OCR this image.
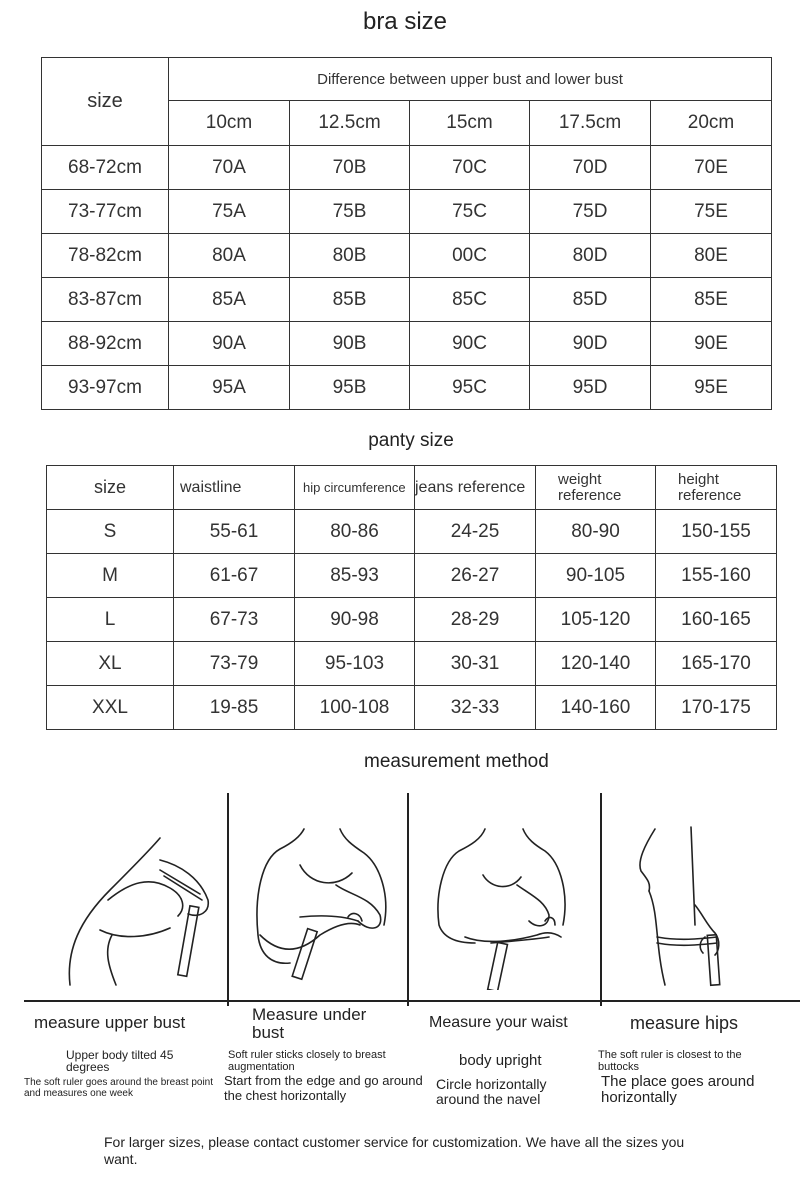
bra size
size	Difference between upper bust and lower bust				
	10cm	12.5cm	15cm	17.5cm	20cm
68-72cm	70A	70B	70C	70D	70E
73-77cm	75A	75B	75C	75D	75E
78-82cm	80A	80B	00C	80D	80E
83-87cm	85A	85B	85C	85D	85E
88-92cm	90A	90B	90C	90D	90E
93-97cm	95A	95B	95C	95D	95E
panty size
size	waistline	hip circumference	jeans reference	weight reference	height reference
S	55-61	80-86	24-25	80-90	150-155
M	61-67	85-93	26-27	90-105	155-160
L	67-73	90-98	28-29	105-120	160-165
XL	73-79	95-103	30-31	120-140	165-170
XXL	19-85	100-108	32-33	140-160	170-175
measurement method
measure upper bust	Measure under bust
Measure your waist	measure hips
Upper body tilted 45 degrees
The soft ruler goes around the breast point and measures one week
Soft ruler sticks closely to breast augmentation
Start from the edge and go around the chest horizontally
body upright
Circle horizontally around the navel
The soft ruler is closest to the buttocks
The place goes around horizontally
For larger sizes, please contact customer service for customization. We have all the sizes you want.
